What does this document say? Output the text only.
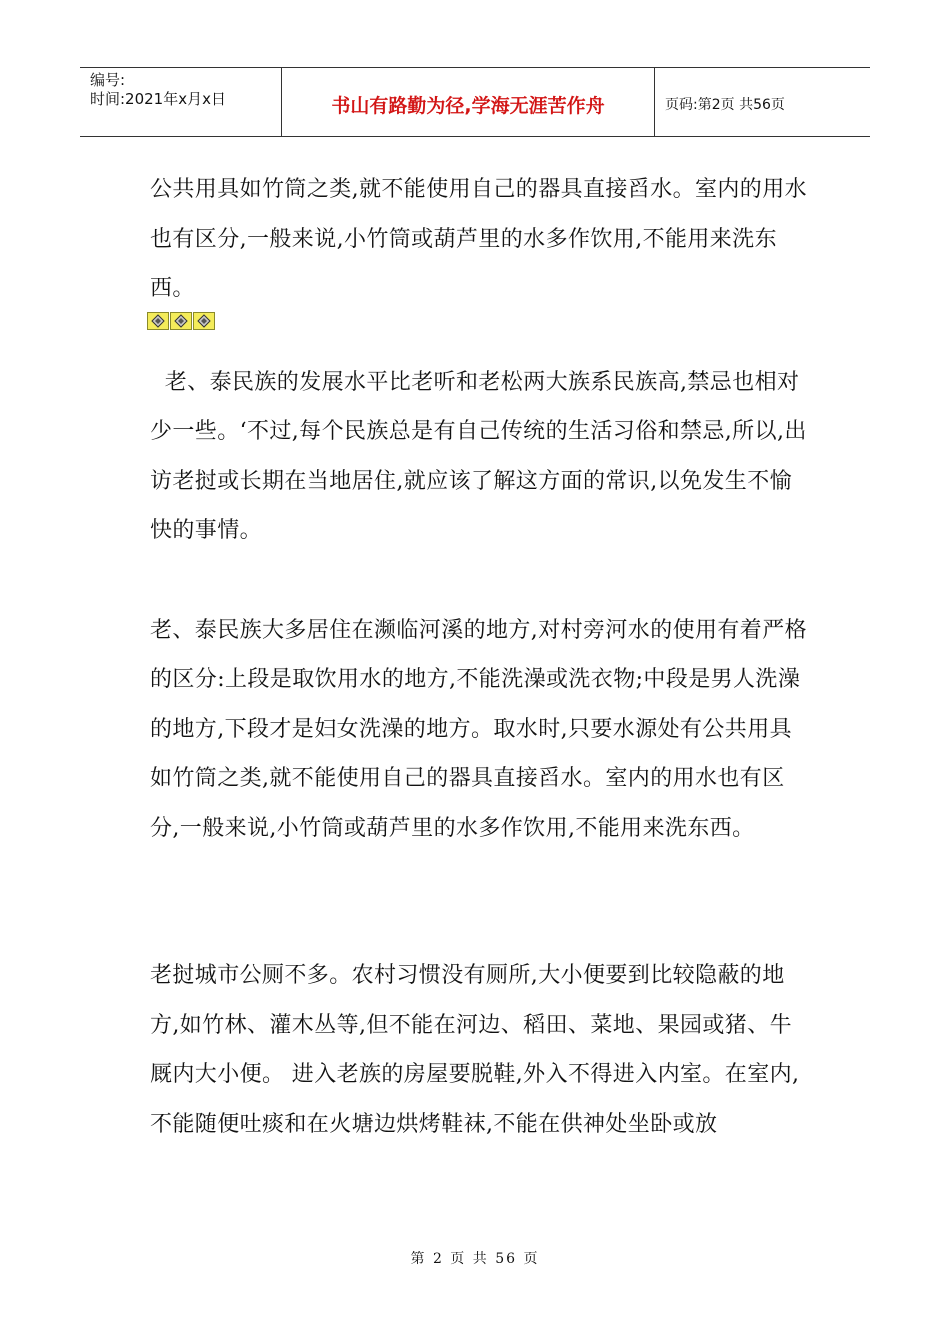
编号:
时间:2021年x月x日	书山有路勤为径,学海无涯苦作舟	页码:第2页 共56页

公共用具如竹筒之类,就不能使用自己的器具直接舀水。室内的用水也有区分,一般来说,小竹筒或葫芦里的水多作饮用,不能用来洗东西。

老、泰民族的发展水平比老听和老松两大族系民族高,禁忌也相对少一些。‘不过,每个民族总是有自己传统的生活习俗和禁忌,所以,出访老挝或长期在当地居住,就应该了解这方面的常识,以免发生不愉快的事情。

老、泰民族大多居住在濒临河溪的地方,对村旁河水的使用有着严格的区分:上段是取饮用水的地方,不能洗澡或洗衣物;中段是男人洗澡的地方,下段才是妇女洗澡的地方。取水时,只要水源处有公共用具如竹筒之类,就不能使用自己的器具直接舀水。室内的用水也有区分,一般来说,小竹筒或葫芦里的水多作饮用,不能用来洗东西。

老挝城市公厕不多。农村习惯没有厕所,大小便要到比较隐蔽的地方,如竹林、灌木丛等,但不能在河边、稻田、菜地、果园或猪、牛厩内大小便。 进入老族的房屋要脱鞋,外入不得进入内室。在室内,不能随便吐痰和在火塘边烘烤鞋袜,不能在供神处坐卧或放

第 2 页 共 56 页
